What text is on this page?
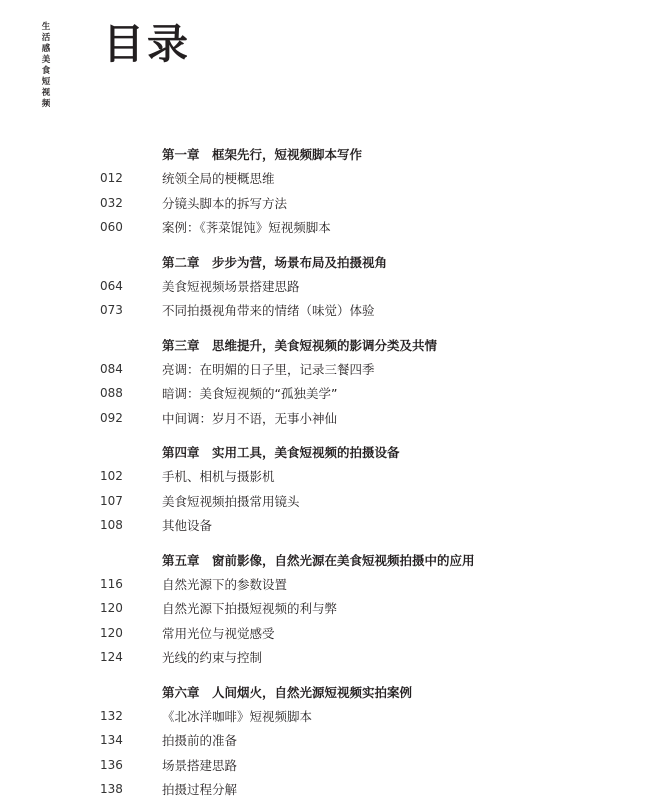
生活感美食短视频
目录
第一章　框架先行，短视频脚本写作
012	统领全局的梗概思维
032	分镜头脚本的拆写方法
060	案例：《荠菜馄饨》短视频脚本
第二章　步步为营，场景布局及拍摄视角
064	美食短视频场景搭建思路
073	不同拍摄视角带来的情绪（味觉）体验
第三章　思维提升，美食短视频的影调分类及共情
084	亮调：在明媚的日子里，记录三餐四季
088	暗调：美食短视频的“孤独美学”
092	中间调：岁月不语，无事小神仙
第四章　实用工具，美食短视频的拍摄设备
102	手机、相机与摄影机
107	美食短视频拍摄常用镜头
108	其他设备
第五章　窗前影像，自然光源在美食短视频拍摄中的应用
116	自然光源下的参数设置
120	自然光源下拍摄短视频的利与弊
120	常用光位与视觉感受
124	光线的约束与控制
第六章　人间烟火，自然光源短视频实拍案例
132	《北冰洋咖啡》短视频脚本
134	拍摄前的准备
136	场景搭建思路
138	拍摄过程分解
